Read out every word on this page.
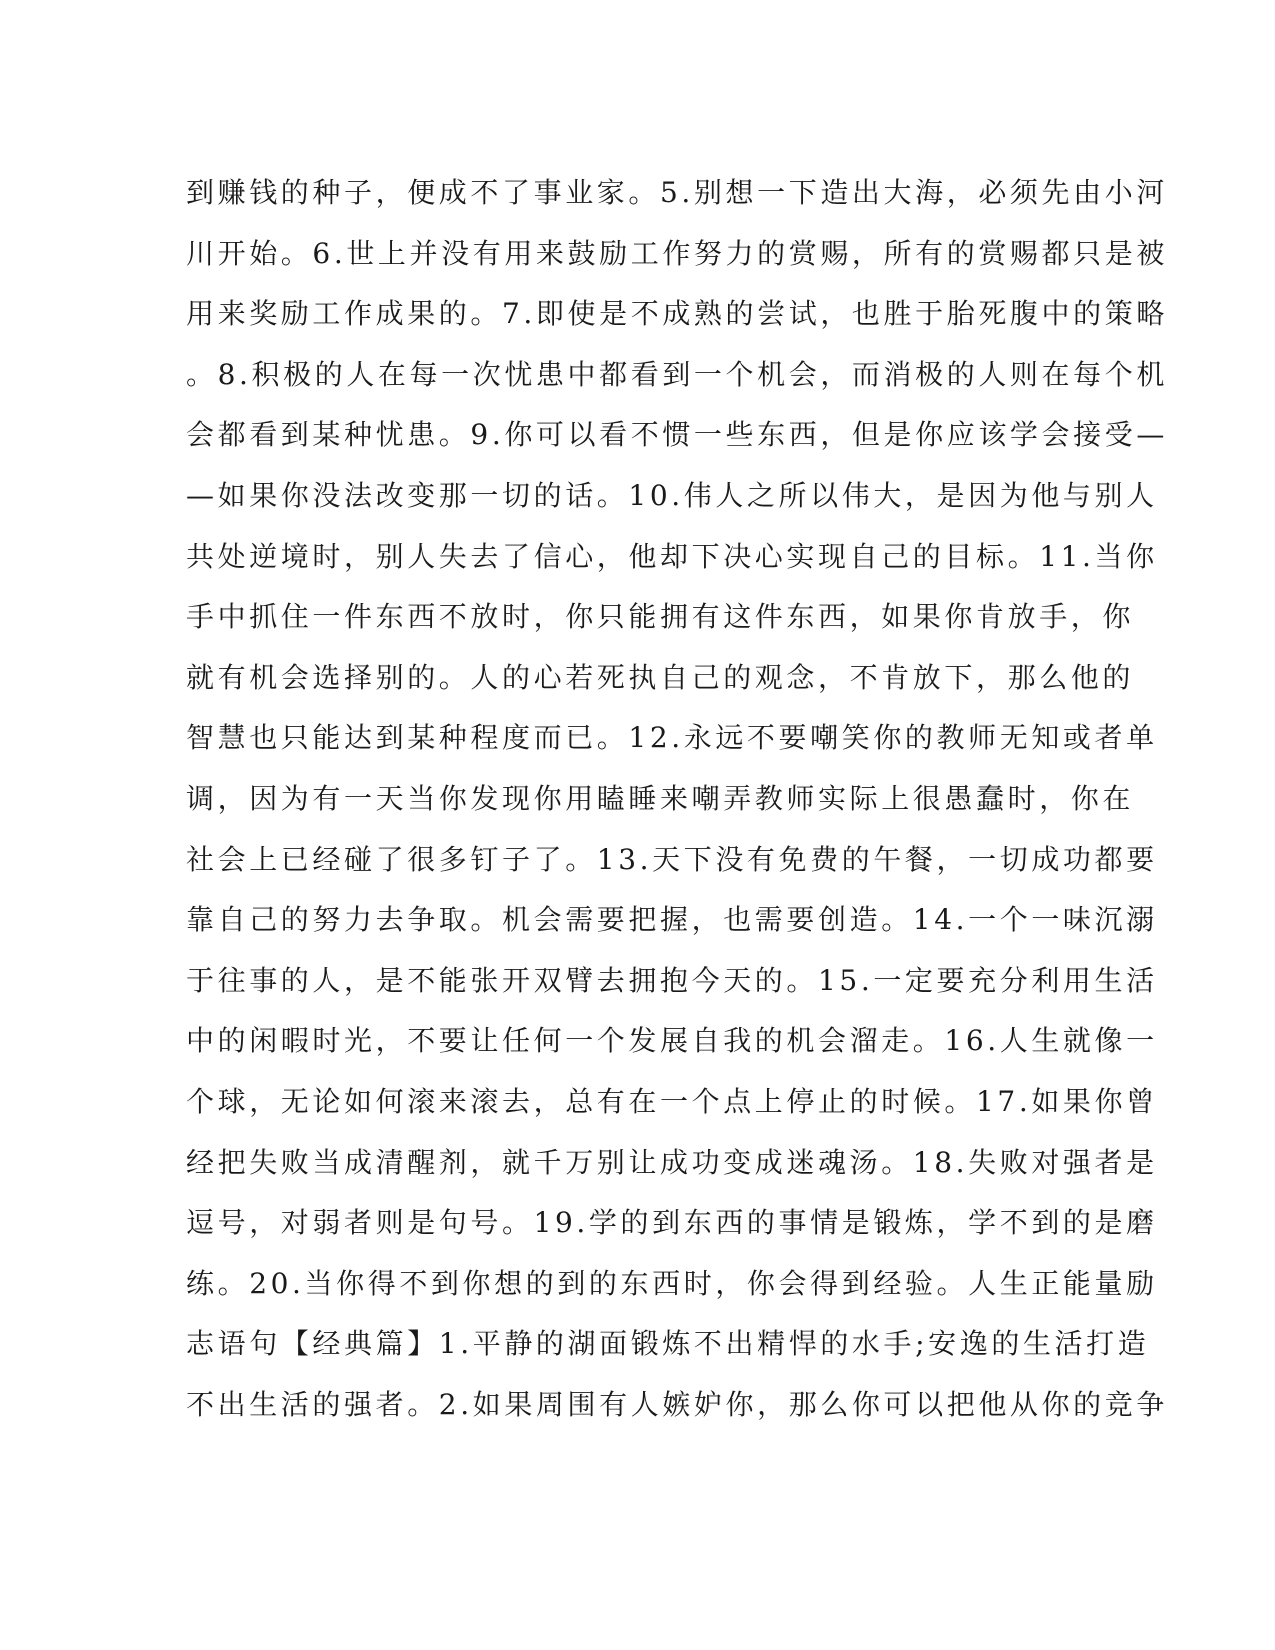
到赚钱的种子，便成不了事业家。5.别想一下造出大海，必须先由小河
川开始。6.世上并没有用来鼓励工作努力的赏赐，所有的赏赐都只是被
用来奖励工作成果的。7.即使是不成熟的尝试，也胜于胎死腹中的策略
。8.积极的人在每一次忧患中都看到一个机会，而消极的人则在每个机
会都看到某种忧患。9.你可以看不惯一些东西，但是你应该学会接受—
—如果你没法改变那一切的话。10.伟人之所以伟大，是因为他与别人
共处逆境时，别人失去了信心，他却下决心实现自己的目标。11.当你
手中抓住一件东西不放时，你只能拥有这件东西，如果你肯放手，你
就有机会选择别的。人的心若死执自己的观念，不肯放下，那么他的
智慧也只能达到某种程度而已。12.永远不要嘲笑你的教师无知或者单
调，因为有一天当你发现你用瞌睡来嘲弄教师实际上很愚蠢时，你在
社会上已经碰了很多钉子了。13.天下没有免费的午餐，一切成功都要
靠自己的努力去争取。机会需要把握，也需要创造。14.一个一味沉溺
于往事的人，是不能张开双臂去拥抱今天的。15.一定要充分利用生活
中的闲暇时光，不要让任何一个发展自我的机会溜走。16.人生就像一
个球，无论如何滚来滚去，总有在一个点上停止的时候。17.如果你曾
经把失败当成清醒剂，就千万别让成功变成迷魂汤。18.失败对强者是
逗号，对弱者则是句号。19.学的到东西的事情是锻炼，学不到的是磨
练。20.当你得不到你想的到的东西时，你会得到经验。人生正能量励
志语句【经典篇】1.平静的湖面锻炼不出精悍的水手;安逸的生活打造
不出生活的强者。2.如果周围有人嫉妒你，那么你可以把他从你的竞争
